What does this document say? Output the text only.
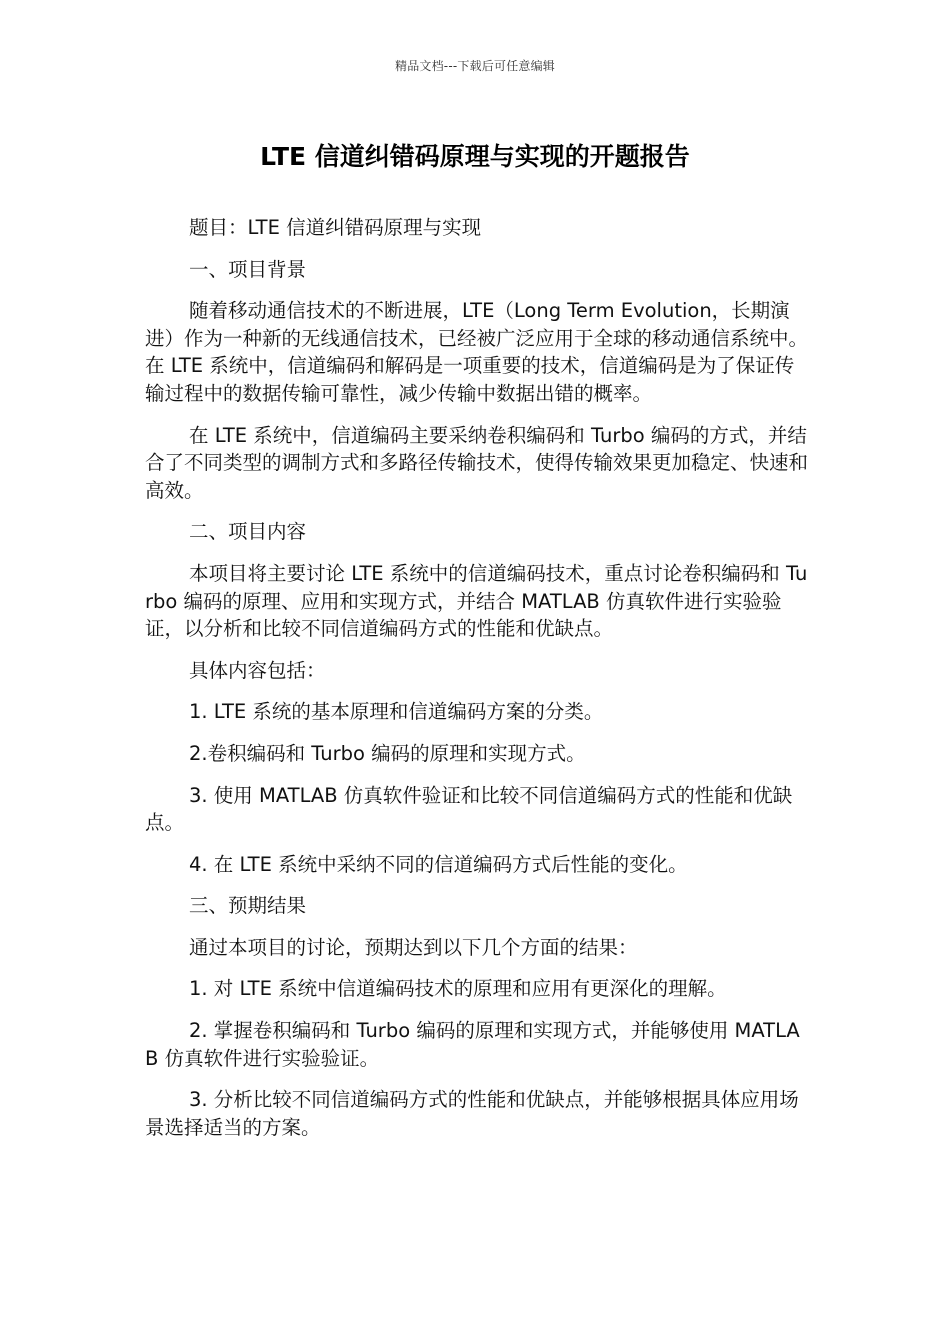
精品文档---下载后可任意编辑
LTE 信道纠错码原理与实现的开题报告

题目：LTE 信道纠错码原理与实现

一、项目背景

随着移动通信技术的不断进展，LTE（Long Term Evolution，长期演进）作为一种新的无线通信技术，已经被广泛应用于全球的移动通信系统中。在 LTE 系统中，信道编码和解码是一项重要的技术，信道编码是为了保证传输过程中的数据传输可靠性，减少传输中数据出错的概率。

在 LTE 系统中，信道编码主要采纳卷积编码和 Turbo 编码的方式，并结合了不同类型的调制方式和多路径传输技术，使得传输效果更加稳定、快速和高效。

二、项目内容

本项目将主要讨论 LTE 系统中的信道编码技术，重点讨论卷积编码和 Turbo 编码的原理、应用和实现方式，并结合 MATLAB 仿真软件进行实验验证，以分析和比较不同信道编码方式的性能和优缺点。

具体内容包括：

1. LTE 系统的基本原理和信道编码方案的分类。

2.卷积编码和 Turbo 编码的原理和实现方式。

3. 使用 MATLAB 仿真软件验证和比较不同信道编码方式的性能和优缺点。

4. 在 LTE 系统中采纳不同的信道编码方式后性能的变化。

三、预期结果

通过本项目的讨论，预期达到以下几个方面的结果：

1. 对 LTE 系统中信道编码技术的原理和应用有更深化的理解。

2. 掌握卷积编码和 Turbo 编码的原理和实现方式，并能够使用 MATLAB 仿真软件进行实验验证。

3. 分析比较不同信道编码方式的性能和优缺点，并能够根据具体应用场景选择适当的方案。
